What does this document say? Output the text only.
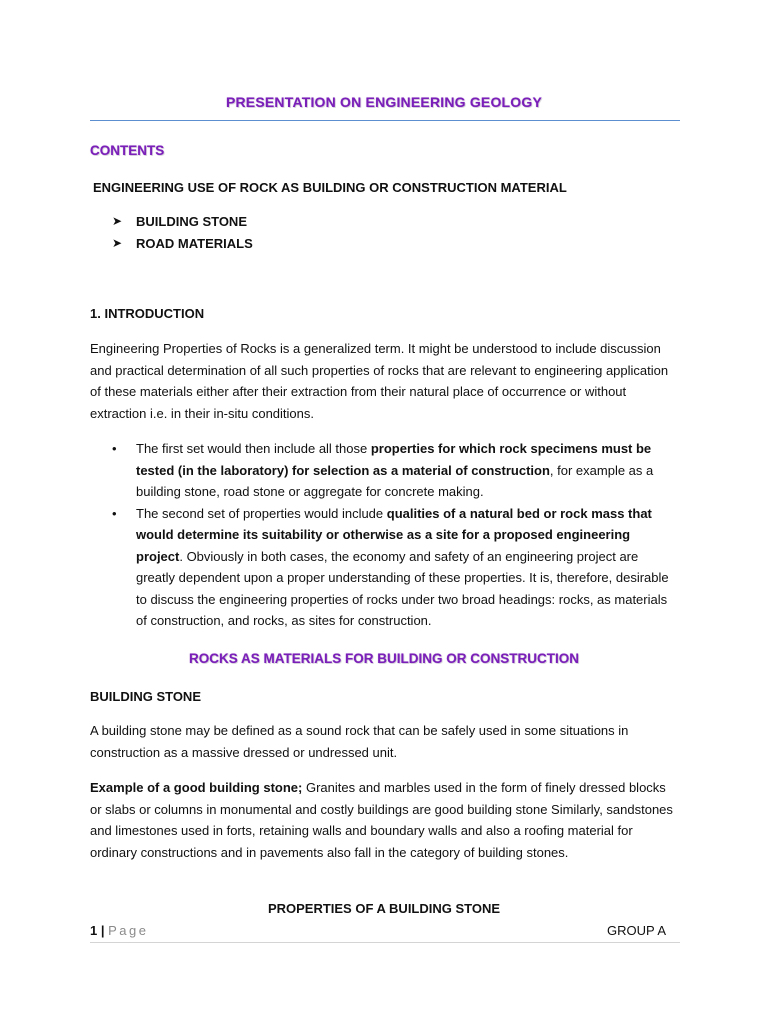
PRESENTATION ON ENGINEERING GEOLOGY
CONTENTS
ENGINEERING USE OF ROCK AS BUILDING OR CONSTRUCTION MATERIAL
➤	BUILDING STONE
➤	ROAD MATERIALS
1. INTRODUCTION
Engineering Properties of Rocks is a generalized term. It might be understood to include discussion and practical determination of all such properties of rocks that are relevant to engineering application of these materials either after their extraction from their natural place of occurrence or without extraction i.e. in their in-situ conditions.
•	The first set would then include all those properties for which rock specimens must be tested (in the laboratory) for selection as a material of construction, for example as a building stone, road stone or aggregate for concrete making.
•	The second set of properties would include qualities of a natural bed or rock mass that would determine its suitability or otherwise as a site for a proposed engineering project. Obviously in both cases, the economy and safety of an engineering project are greatly dependent upon a proper understanding of these properties. It is, therefore, desirable to discuss the engineering properties of rocks under two broad headings: rocks, as materials of construction, and rocks, as sites for construction.
ROCKS AS MATERIALS FOR BUILDING OR CONSTRUCTION
BUILDING STONE
A building stone may be defined as a sound rock that can be safely used in some situations in construction as a massive dressed or undressed unit.
Example of a good building stone; Granites and marbles used in the form of finely dressed blocks or slabs or columns in monumental and costly buildings are good building stone Similarly, sandstones and limestones used in forts, retaining walls and boundary walls and also a roofing material for ordinary constructions and in pavements also fall in the category of building stones.
PROPERTIES OF A BUILDING STONE
1 | Page	GROUP A
